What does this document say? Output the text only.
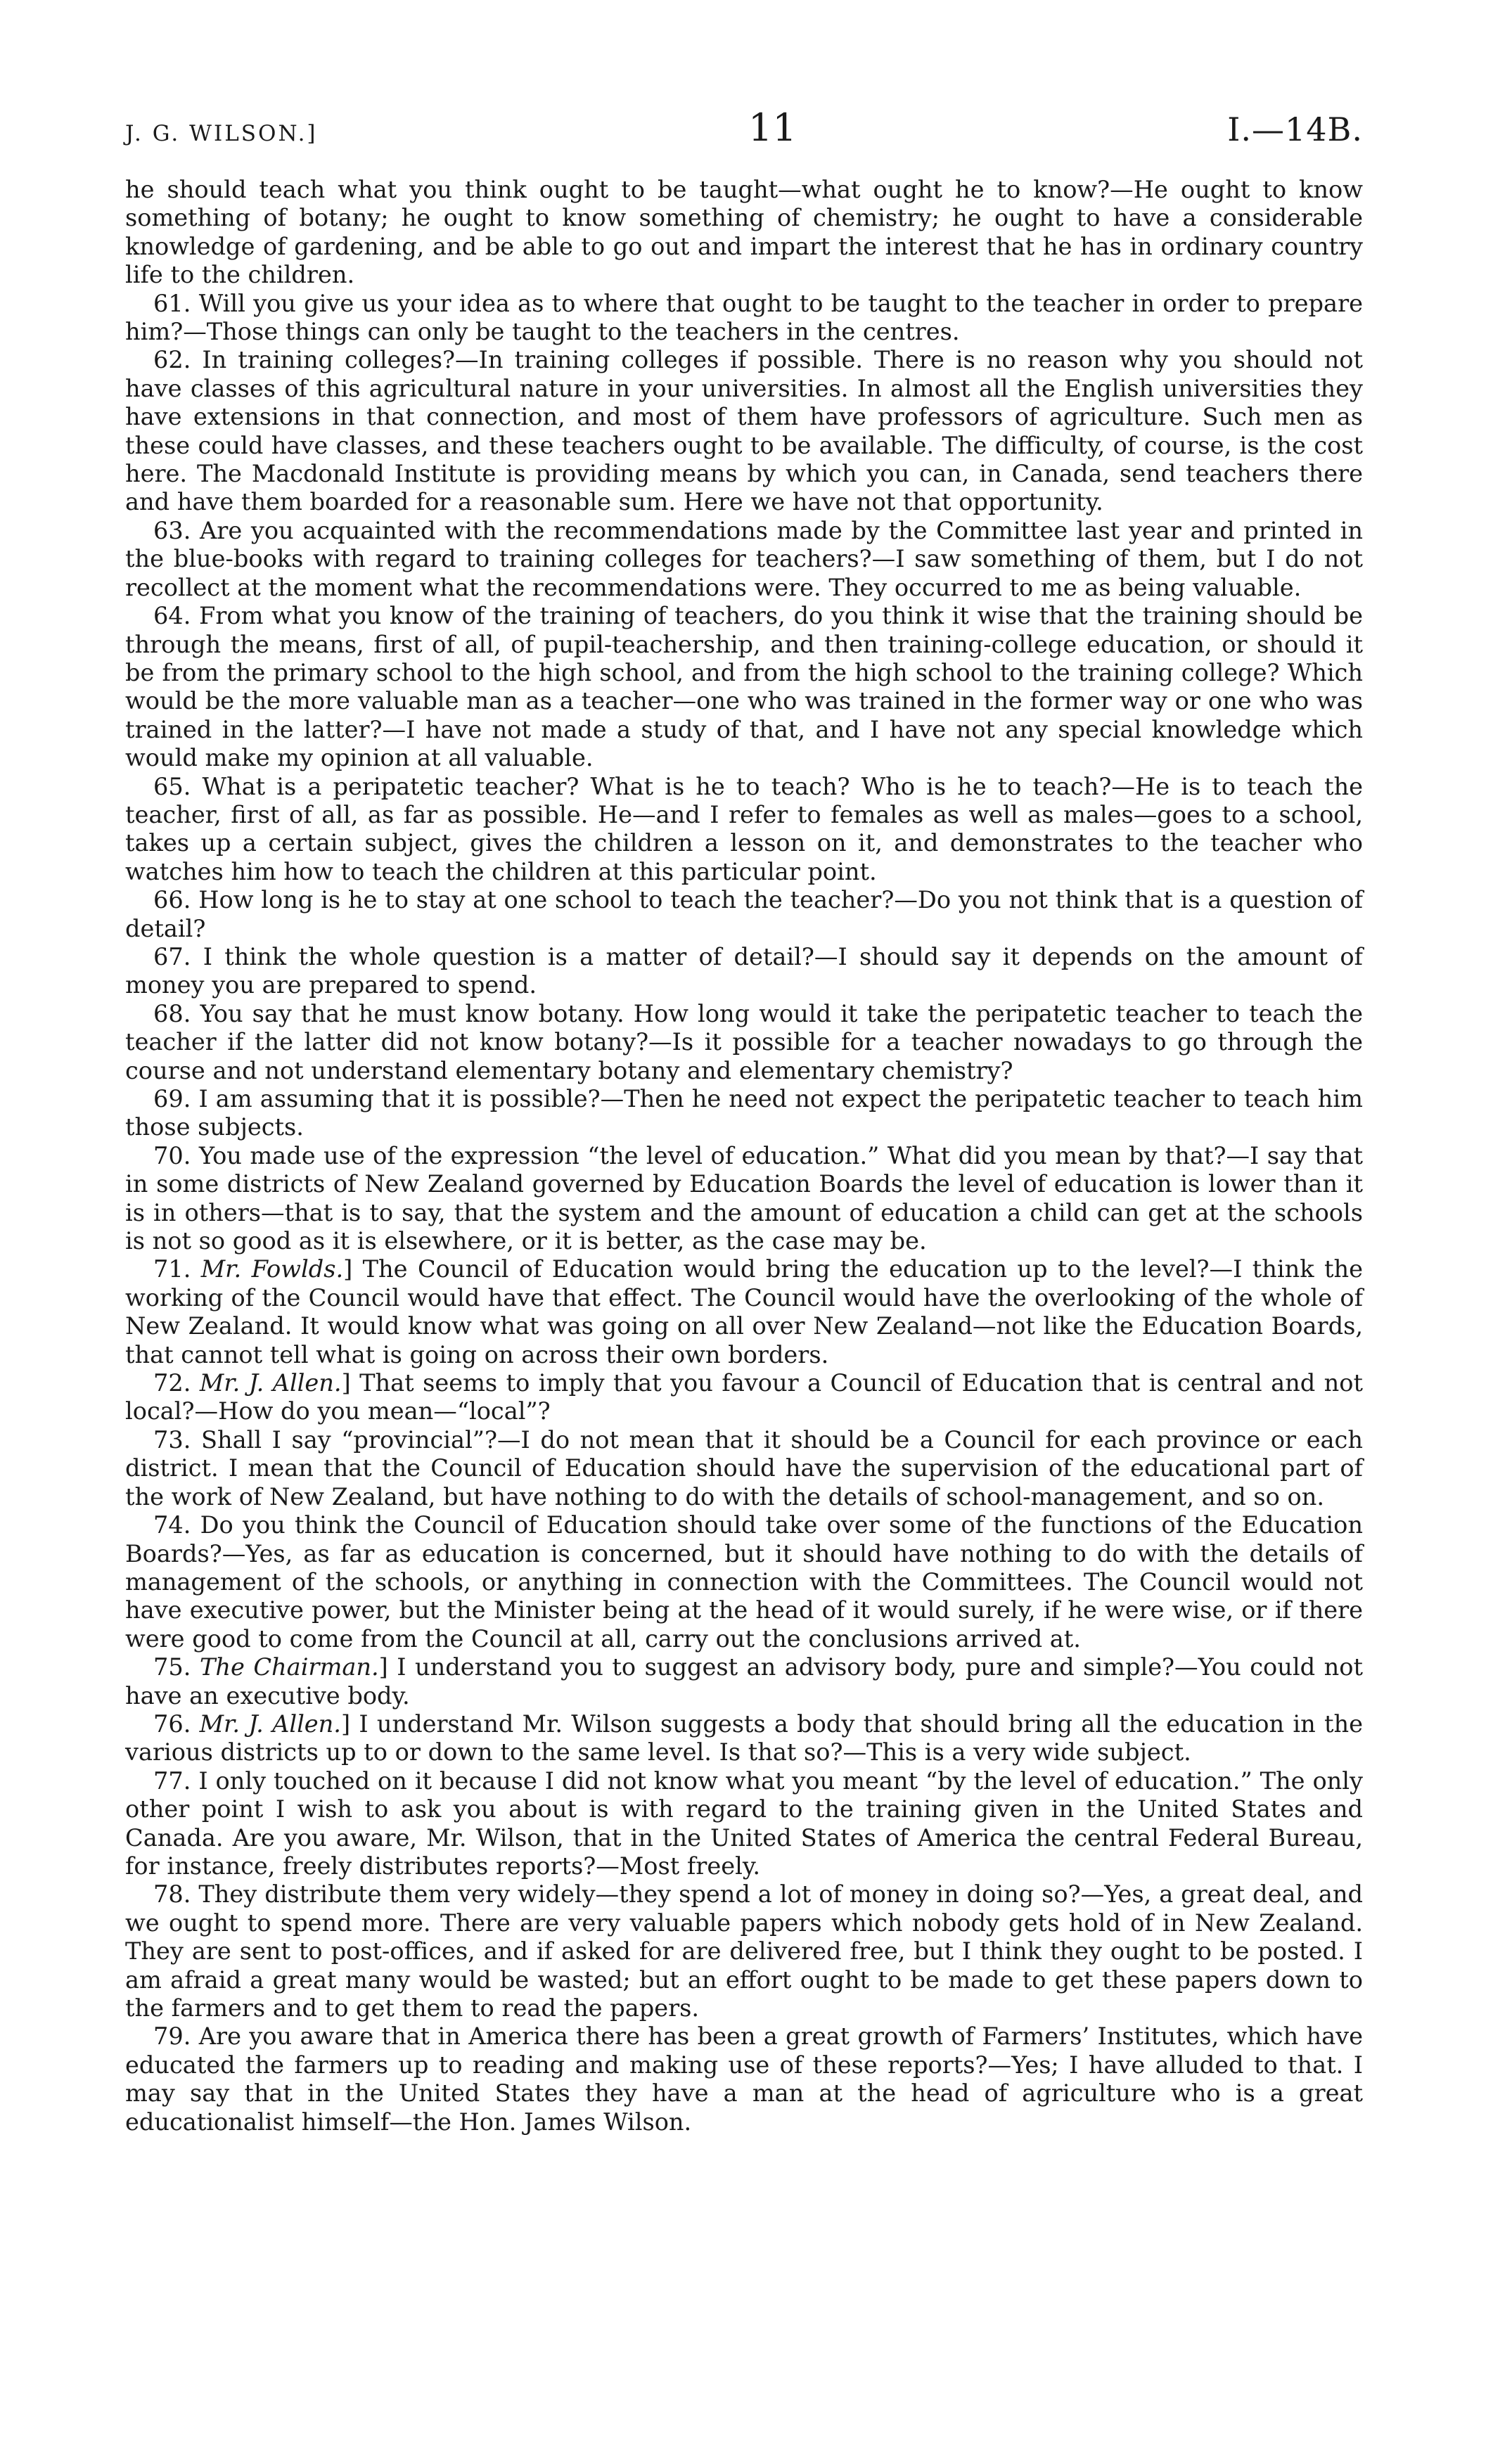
J. G. WILSON.]	11	I.—14B.

he should teach what you think ought to be taught—what ought he to know?—He ought to know something of botany; he ought to know something of chemistry; he ought to have a considerable knowledge of gardening, and be able to go out and impart the interest that he has in ordinary country life to the children.

61. Will you give us your idea as to where that ought to be taught to the teacher in order to prepare him?—Those things can only be taught to the teachers in the centres.

62. In training colleges?—In training colleges if possible. There is no reason why you should not have classes of this agricultural nature in your universities. In almost all the English universities they have extensions in that connection, and most of them have professors of agriculture. Such men as these could have classes, and these teachers ought to be available. The difficulty, of course, is the cost here. The Macdonald Institute is providing means by which you can, in Canada, send teachers there and have them boarded for a reasonable sum. Here we have not that opportunity.

63. Are you acquainted with the recommendations made by the Committee last year and printed in the blue-books with regard to training colleges for teachers?—I saw something of them, but I do not recollect at the moment what the recommendations were. They occurred to me as being valuable.

64. From what you know of the training of teachers, do you think it wise that the training should be through the means, first of all, of pupil-teachership, and then training-college education, or should it be from the primary school to the high school, and from the high school to the training college? Which would be the more valuable man as a teacher—one who was trained in the former way or one who was trained in the latter?—I have not made a study of that, and I have not any special knowledge which would make my opinion at all valuable.

65. What is a peripatetic teacher? What is he to teach? Who is he to teach?—He is to teach the teacher, first of all, as far as possible. He—and I refer to females as well as males—goes to a school, takes up a certain subject, gives the children a lesson on it, and demonstrates to the teacher who watches him how to teach the children at this particular point.

66. How long is he to stay at one school to teach the teacher?—Do you not think that is a question of detail?

67. I think the whole question is a matter of detail?—I should say it depends on the amount of money you are prepared to spend.

68. You say that he must know botany. How long would it take the peripatetic teacher to teach the teacher if the latter did not know botany?—Is it possible for a teacher nowadays to go through the course and not understand elementary botany and elementary chemistry?

69. I am assuming that it is possible?—Then he need not expect the peripatetic teacher to teach him those subjects.

70. You made use of the expression “the level of education.” What did you mean by that?—I say that in some districts of New Zealand governed by Education Boards the level of education is lower than it is in others—that is to say, that the system and the amount of education a child can get at the schools is not so good as it is elsewhere, or it is better, as the case may be.

71. Mr. Fowlds.] The Council of Education would bring the education up to the level?—I think the working of the Council would have that effect. The Council would have the overlooking of the whole of New Zealand. It would know what was going on all over New Zealand—not like the Education Boards, that cannot tell what is going on across their own borders.

72. Mr. J. Allen.] That seems to imply that you favour a Council of Education that is central and not local?—How do you mean—“local”?

73. Shall I say “provincial”?—I do not mean that it should be a Council for each province or each district. I mean that the Council of Education should have the supervision of the educational part of the work of New Zealand, but have nothing to do with the details of school-management, and so on.

74. Do you think the Council of Education should take over some of the functions of the Education Boards?—Yes, as far as education is concerned, but it should have nothing to do with the details of management of the schools, or anything in connection with the Committees. The Council would not have executive power, but the Minister being at the head of it would surely, if he were wise, or if there were good to come from the Council at all, carry out the conclusions arrived at.

75. The Chairman.] I understand you to suggest an advisory body, pure and simple?—You could not have an executive body.

76. Mr. J. Allen.] I understand Mr. Wilson suggests a body that should bring all the education in the various districts up to or down to the same level. Is that so?—This is a very wide subject.

77. I only touched on it because I did not know what you meant “by the level of education.” The only other point I wish to ask you about is with regard to the training given in the United States and Canada. Are you aware, Mr. Wilson, that in the United States of America the central Federal Bureau, for instance, freely distributes reports?—Most freely.

78. They distribute them very widely—they spend a lot of money in doing so?—Yes, a great deal, and we ought to spend more. There are very valuable papers which nobody gets hold of in New Zealand. They are sent to post-offices, and if asked for are delivered free, but I think they ought to be posted. I am afraid a great many would be wasted; but an effort ought to be made to get these papers down to the farmers and to get them to read the papers.

79. Are you aware that in America there has been a great growth of Farmers’ Institutes, which have educated the farmers up to reading and making use of these reports?—Yes; I have alluded to that. I may say that in the United States they have a man at the head of agriculture who is a great educationalist himself—the Hon. James Wilson.
